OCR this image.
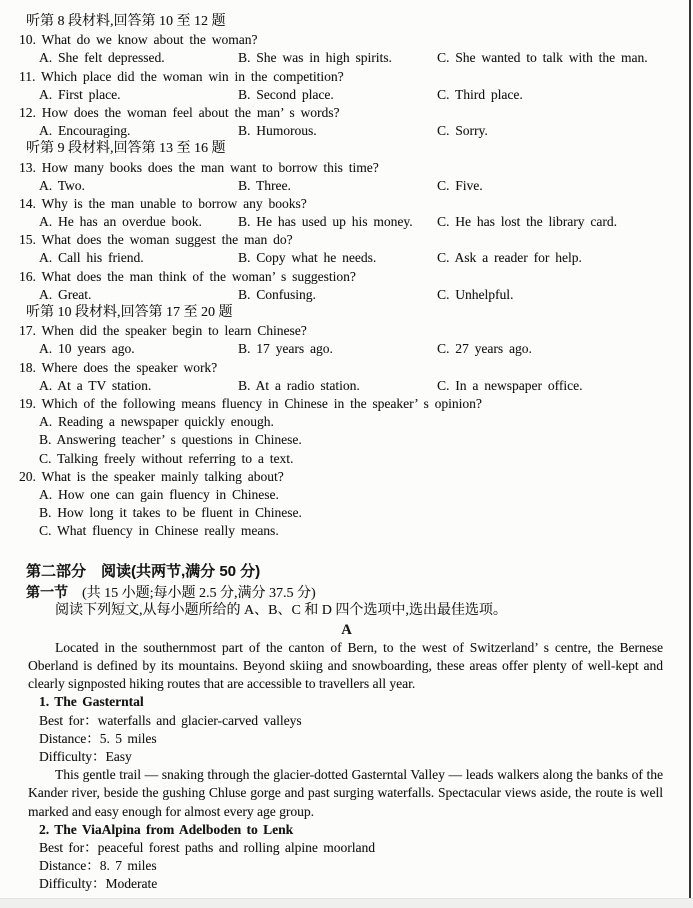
听第 8 段材料,回答第 10 至 12 题
10. What do we know about the woman?
A. She felt depressed.	B. She was in high spirits.	C. She wanted to talk with the man.
11. Which place did the woman win in the competition?
A. First place.	B. Second place.	C. Third place.
12. How does the woman feel about the man’ s words?
A. Encouraging.	B. Humorous.	C. Sorry.
听第 9 段材料,回答第 13 至 16 题
13. How many books does the man want to borrow this time?
A. Two.	B. Three.	C. Five.
14. Why is the man unable to borrow any books?
A. He has an overdue book.	B. He has used up his money. C. He has lost the library card.
15. What does the woman suggest the man do?
A. Call his friend.	B. Copy what he needs.	C. Ask a reader for help.
16. What does the man think of the woman’ s suggestion?
A. Great.	B. Confusing.	C. Unhelpful.
听第 10 段材料,回答第 17 至 20 题
17. When did the speaker begin to learn Chinese?
A. 10 years ago.	B. 17 years ago.	C. 27 years ago.
18. Where does the speaker work?
A. At a TV station.	B. At a radio station.	C. In a newspaper office.
19. Which of the following means fluency in Chinese in the speaker’ s opinion?
A. Reading a newspaper quickly enough.
B. Answering teacher’ s questions in Chinese.
C. Talking freely without referring to a text.
20. What is the speaker mainly talking about?
A. How one can gain fluency in Chinese.
B. How long it takes to be fluent in Chinese.
C. What fluency in Chinese really means.
第二部分　阅读(共两节,满分 50 分)
第一节　(共 15 小题;每小题 2.5 分,满分 37.5 分)
阅读下列短文,从每小题所给的 A、B、C 和 D 四个选项中,选出最佳选项。
A

Located in the southernmost part of the canton of Bern, to the west of Switzerland’ s centre, the Bernese Oberland is defined by its mountains. Beyond skiing and snowboarding, these areas offer plenty of well-kept and clearly signposted hiking routes that are accessible to travellers all year.

1. The Gasterntal
Best for：waterfalls and glacier-carved valleys
Distance：5. 5 miles
Difficulty：Easy

This gentle trail — snaking through the glacier-dotted Gasterntal Valley — leads walkers along the banks of the Kander river, beside the gushing Chluse gorge and past surging waterfalls. Spectacular views aside, the route is well marked and easy enough for almost every age group.

2. The ViaAlpina from Adelboden to Lenk
Best for：peaceful forest paths and rolling alpine moorland
Distance：8. 7 miles
Difficulty：Moderate
